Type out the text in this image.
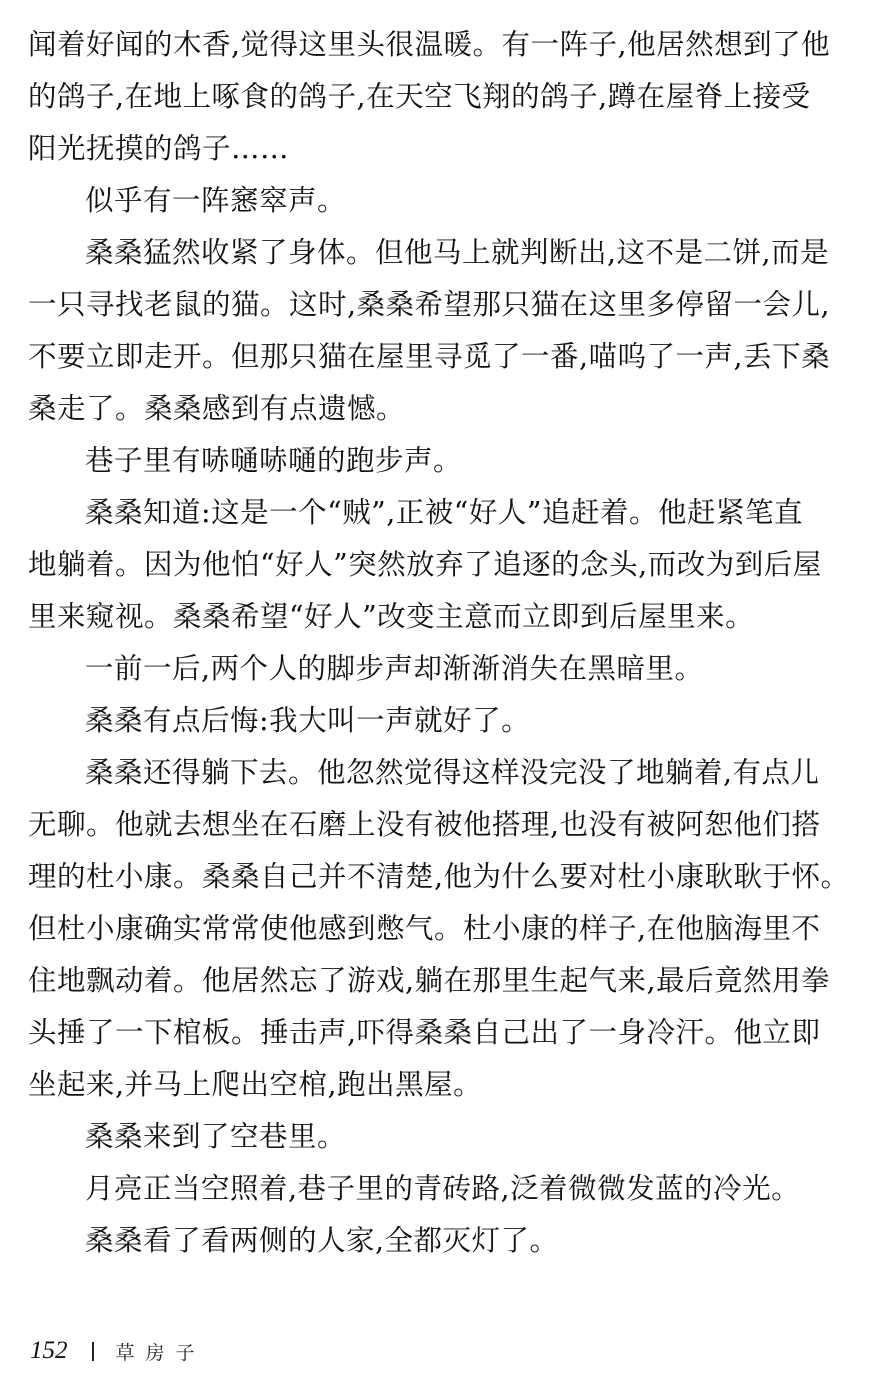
闻着好闻的木香,觉得这里头很温暖。有一阵子,他居然想到了他
的鸽子,在地上啄食的鸽子,在天空飞翔的鸽子,蹲在屋脊上接受
阳光抚摸的鸽子……
似乎有一阵窸窣声。
桑桑猛然收紧了身体。但他马上就判断出,这不是二饼,而是
一只寻找老鼠的猫。这时,桑桑希望那只猫在这里多停留一会儿,
不要立即走开。但那只猫在屋里寻觅了一番,喵呜了一声,丢下桑
桑走了。桑桑感到有点遗憾。
巷子里有哧嗵哧嗵的跑步声。
桑桑知道:这是一个“贼”,正被“好人”追赶着。他赶紧笔直
地躺着。因为他怕“好人”突然放弃了追逐的念头,而改为到后屋
里来窥视。桑桑希望“好人”改变主意而立即到后屋里来。
一前一后,两个人的脚步声却渐渐消失在黑暗里。
桑桑有点后悔:我大叫一声就好了。
桑桑还得躺下去。他忽然觉得这样没完没了地躺着,有点儿
无聊。他就去想坐在石磨上没有被他搭理,也没有被阿恕他们搭
理的杜小康。桑桑自己并不清楚,他为什么要对杜小康耿耿于怀。
但杜小康确实常常使他感到憋气。杜小康的样子,在他脑海里不
住地飘动着。他居然忘了游戏,躺在那里生起气来,最后竟然用拳
头捶了一下棺板。捶击声,吓得桑桑自己出了一身冷汗。他立即
坐起来,并马上爬出空棺,跑出黑屋。
桑桑来到了空巷里。
月亮正当空照着,巷子里的青砖路,泛着微微发蓝的冷光。
桑桑看了看两侧的人家,全都灭灯了。
152	草房子
